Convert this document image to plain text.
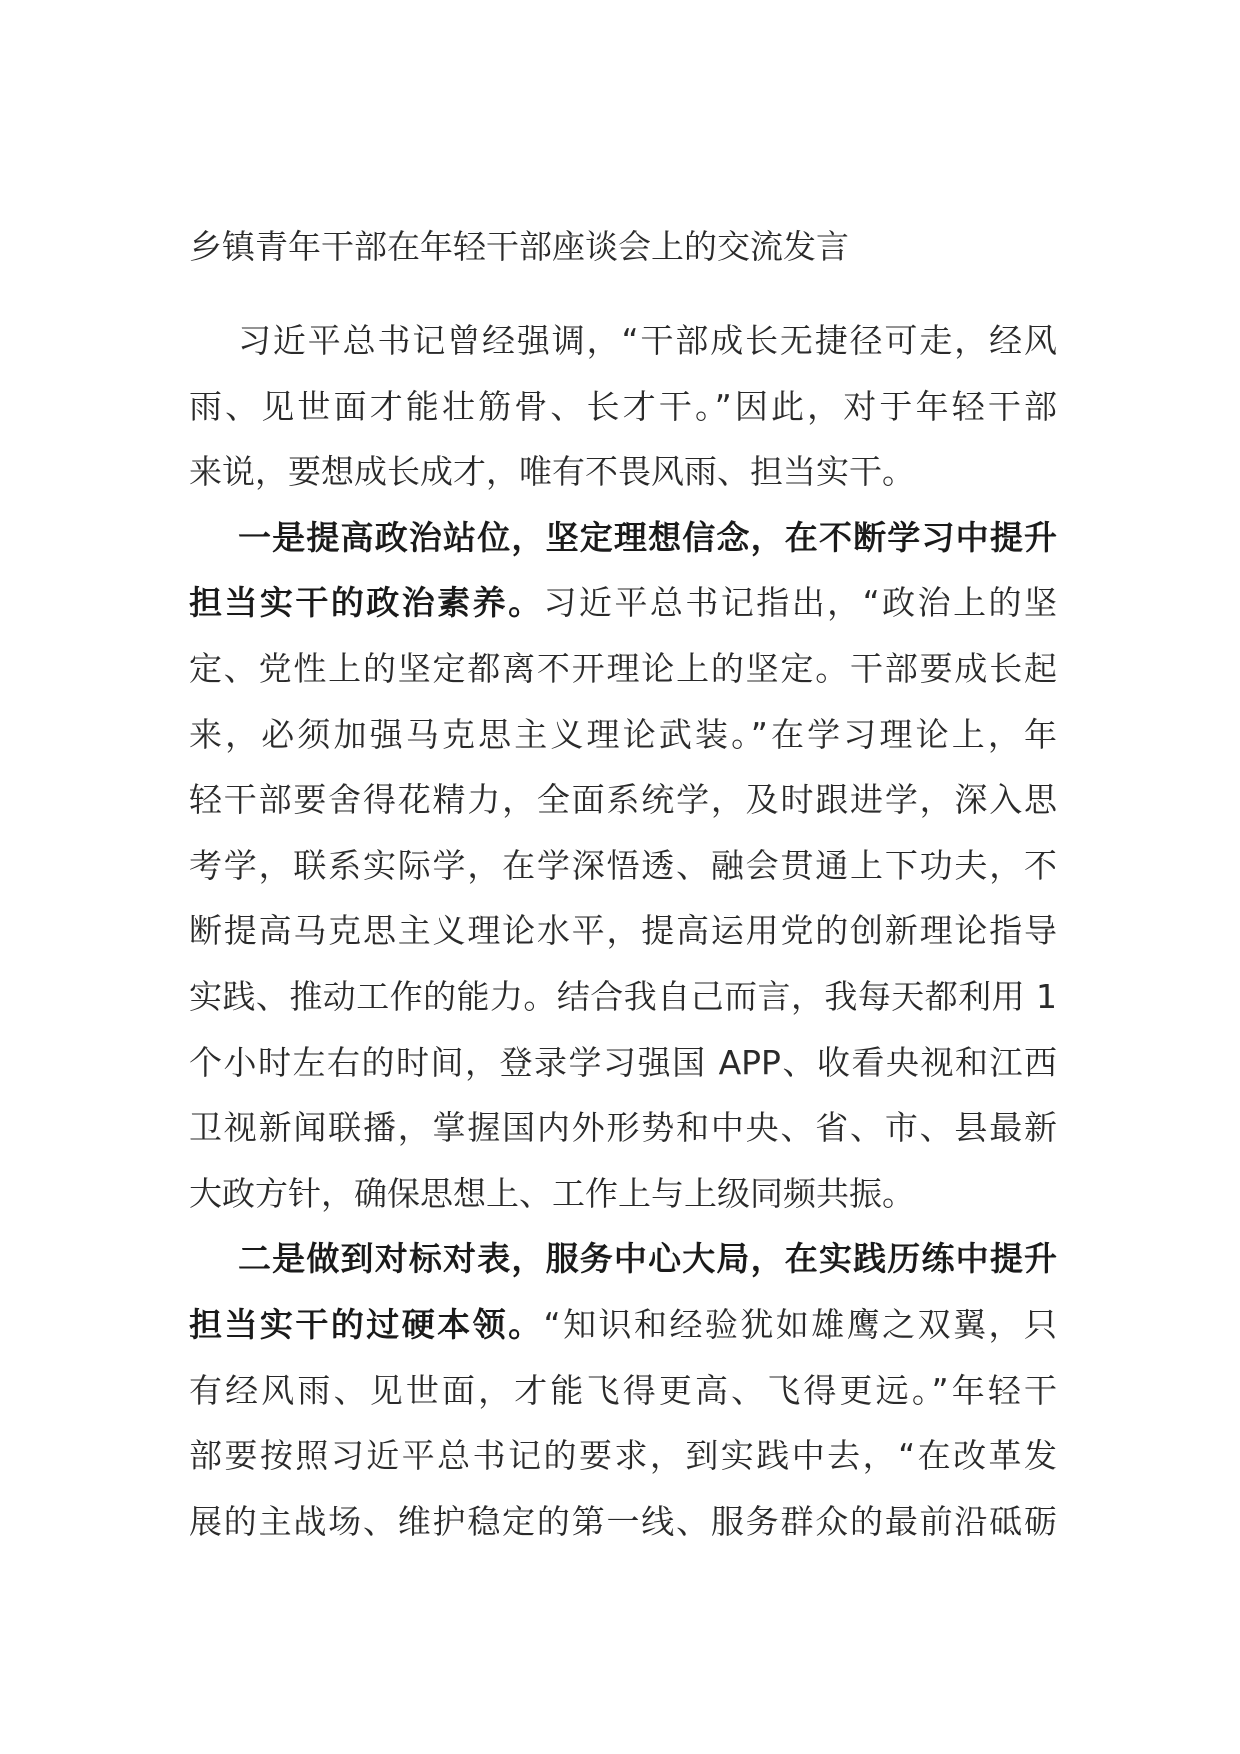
乡镇青年干部在年轻干部座谈会上的交流发言
习近平总书记曾经强调，“干部成长无捷径可走，经风
雨、见世面才能壮筋骨、长才干。”因此，对于年轻干部
来说，要想成长成才，唯有不畏风雨、担当实干。
一是提高政治站位，坚定理想信念，在不断学习中提升
担当实干的政治素养。习近平总书记指出，“政治上的坚
定、党性上的坚定都离不开理论上的坚定。干部要成长起
来，必须加强马克思主义理论武装。”在学习理论上，年
轻干部要舍得花精力，全面系统学，及时跟进学，深入思
考学，联系实际学，在学深悟透、融会贯通上下功夫，不
断提高马克思主义理论水平，提高运用党的创新理论指导
实践、推动工作的能力。结合我自己而言，我每天都利用 1
个小时左右的时间，登录学习强国 APP、收看央视和江西
卫视新闻联播，掌握国内外形势和中央、省、市、县最新
大政方针，确保思想上、工作上与上级同频共振。
二是做到对标对表，服务中心大局，在实践历练中提升
担当实干的过硬本领。“知识和经验犹如雄鹰之双翼，只
有经风雨、见世面，才能飞得更高、飞得更远。”年轻干
部要按照习近平总书记的要求，到实践中去，“在改革发
展的主战场、维护稳定的第一线、服务群众的最前沿砥砺
